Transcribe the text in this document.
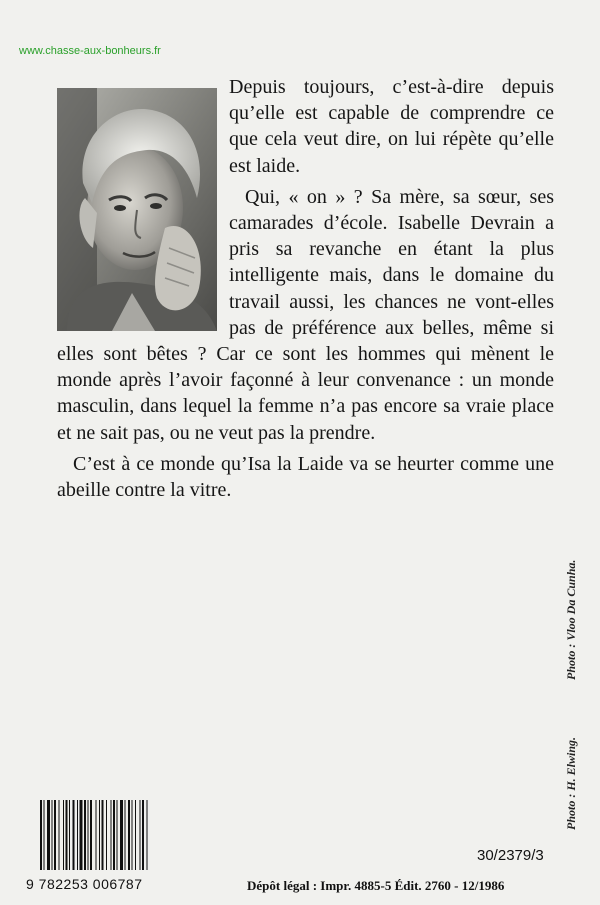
www.chasse-aux-bonheurs.fr

Depuis toujours, c’est-à-dire depuis qu’elle est capable de comprendre ce que cela veut dire, on lui répète qu’elle est laide.

Qui, « on » ? Sa mère, sa sœur, ses camarades d’école. Isabelle Devrain a pris sa revanche en étant la plus intelligente mais, dans le domaine du travail aussi, les chances ne vont-elles pas de préférence aux belles, même si elles sont bêtes ? Car ce sont les hommes qui mènent le monde après l’avoir façonné à leur convenance : un monde masculin, dans lequel la femme n’a pas encore sa vraie place et ne sait pas, ou ne veut pas la prendre.

C’est à ce monde qu’Isa la Laide va se heurter comme une abeille contre la vitre.

Photo : Vloo Da Cunha.
Photo : H. Elwing.
9 782253 006787
30/2379/3
Dépôt légal : Impr. 4885-5 Édit. 2760 - 12/1986
